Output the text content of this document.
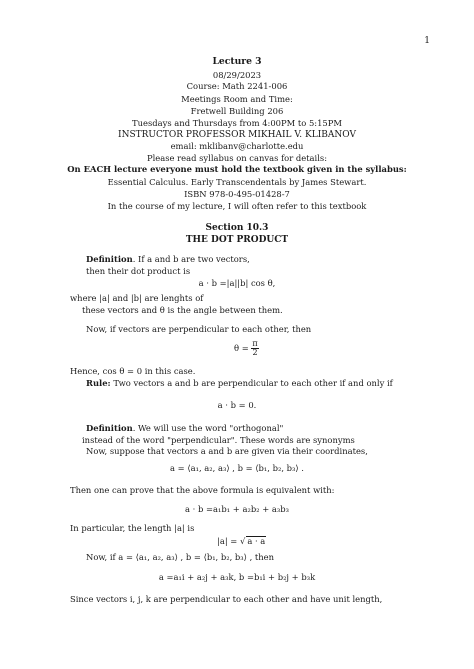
1
Lecture 3
08/29/2023
Course: Math 2241-006
Meetings Room and Time:
Fretwell Building 206
Tuesdays and Thursdays from 4:00PM to 5:15PM
INSTRUCTOR PROFESSOR MIKHAIL V. KLIBANOV
email: mklibanv@charlotte.edu
Please read syllabus on canvas for details:
On EACH lecture everyone must hold the textbook given in the syllabus:
Essential Calculus. Early Transcendentals by James Stewart.
ISBN 978-0-495-01428-7
In the course of my lecture, I will often refer to this textbook
Section 10.3
THE DOT PRODUCT
Definition. If a and b are two vectors,
then their dot product is
a · b =|a||b| cos θ,
where |a| and |b| are lenghts of
these vectors and θ is the angle between them.
Now, if vectors are perpendicular to each other, then
$\theta = \frac{\pi}{2}$
Hence, cos θ = 0 in this case.
Rule: Two vectors a and b are perpendicular to each other if and only if
a · b = 0.
Definition. We will use the word "orthogonal"
instead of the word "perpendicular". These words are synonyms
Now, suppose that vectors a and b are given via their coordinates,
a = ⟨a₁, a₂, a₃⟩ , b = ⟨b₁, b₂, b₃⟩ .
Then one can prove that the above formula is equivalent with:
a · b =a₁b₁ + a₂b₂ + a₃b₃
In particular, the length |a| is
|a| = √ a · a
Now, if a = ⟨a₁, a₂, a₃⟩ , b = ⟨b₁, b₂, b₃⟩ , then
a =a₁i + a₂j + a₃k, b =b₁i + b₂j + b₃k
Since vectors i, j, k are perpendicular to each other and have unit length,
